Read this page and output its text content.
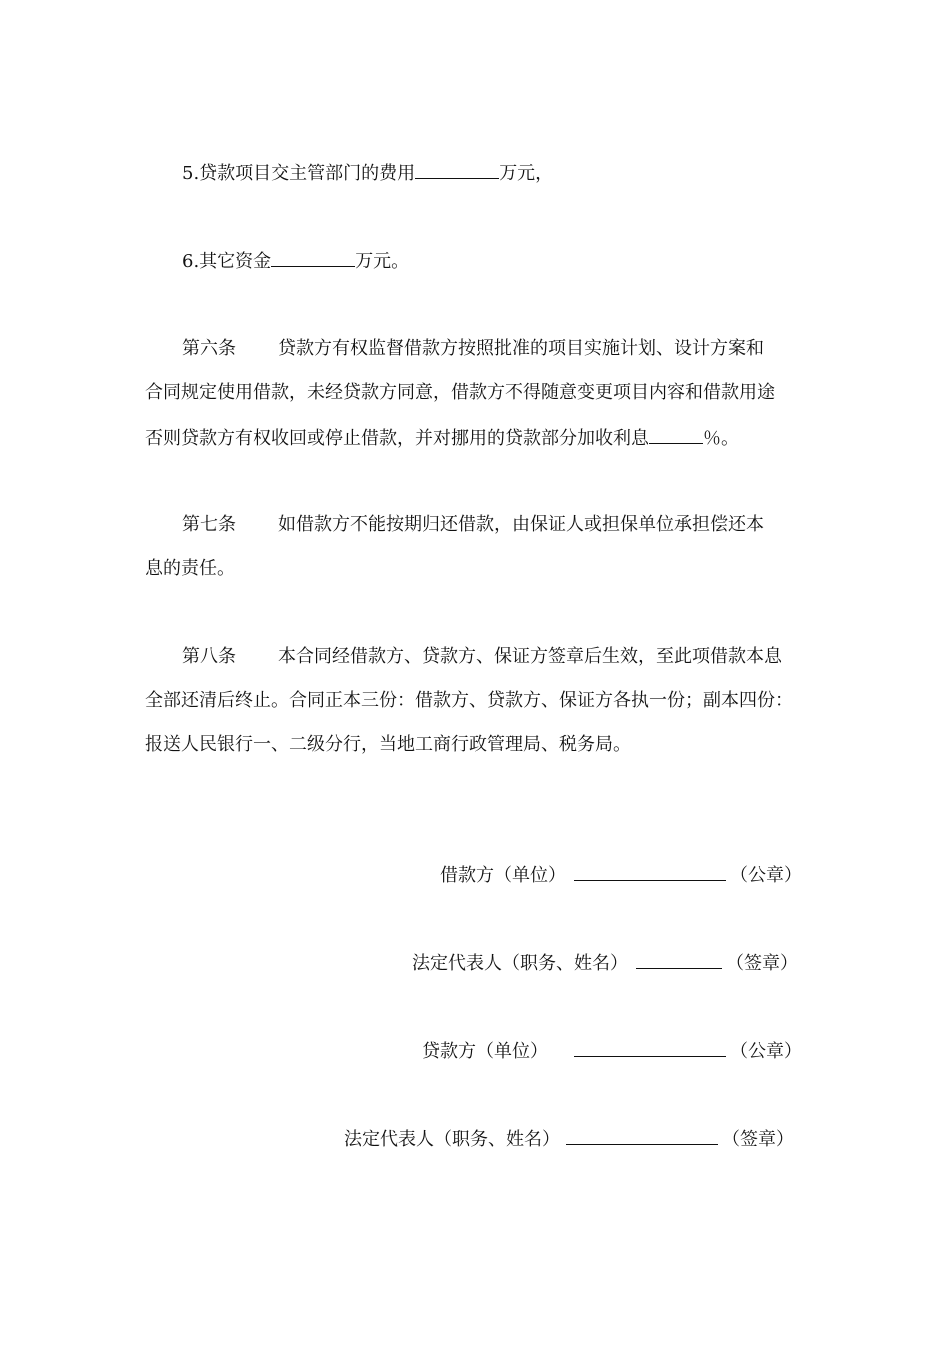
5.贷款项目交主管部门的费用	万元，
6.其它资金	万元。
第六条 贷款方有权监督借款方按照批准的项目实施计划、设计方案和
合同规定使用借款，未经贷款方同意，借款方不得随意变更项目内容和借款用途
否则贷款方有权收回或停止借款，并对挪用的贷款部分加收利息	％。
第七条 如借款方不能按期归还借款，由保证人或担保单位承担偿还本
息的责任。
第八条 本合同经借款方、贷款方、保证方签章后生效，至此项借款本息
全部还清后终止。合同正本三份：借款方、贷款方、保证方各执一份；副本四份：
报送人民银行一、二级分行，当地工商行政管理局、税务局。
借款方（单位）	（公章）
法定代表人（职务、姓名）	（签章）
贷款方（单位）	（公章）
法定代表人（职务、姓名）	（签章）
